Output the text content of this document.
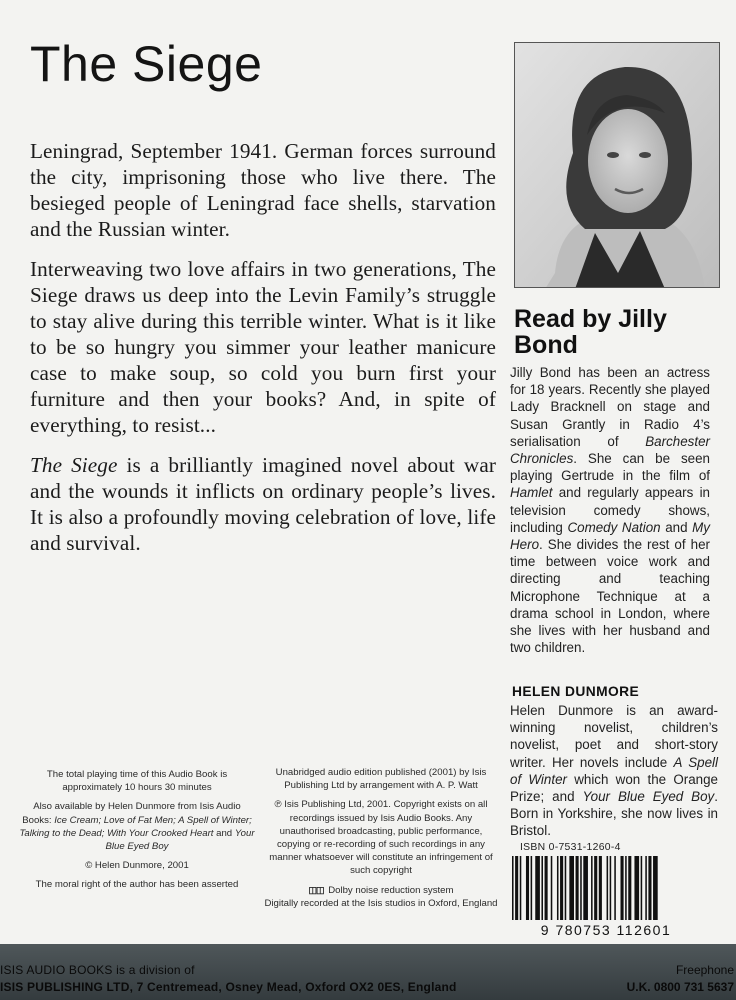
The Siege

Leningrad, September 1941. German forces surround the city, imprisoning those who live there. The besieged people of Leningrad face shells, starvation and the Russian winter.

Interweaving two love affairs in two generations, The Siege draws us deep into the Levin Family’s struggle to stay alive during this terrible winter. What is it like to be so hungry you simmer your leather manicure case to make soup, so cold you burn first your furniture and then your books? And, in spite of everything, to resist...

The Siege is a brilliantly imagined novel about war and the wounds it inflicts on ordinary people’s lives. It is also a profoundly moving celebration of love, life and survival.

Read by Jilly Bond

Jilly Bond has been an actress for 18 years. Recently she played Lady Bracknell on stage and Susan Grantly in Radio 4’s serialisation of Barchester Chronicles. She can be seen playing Gertrude in the film of Hamlet and regularly appears in television comedy shows, including Comedy Nation and My Hero. She divides the rest of her time between voice work and directing and teaching Microphone Technique at a drama school in London, where she lives with her husband and two children.

HELEN DUNMORE

Helen Dunmore is an award-winning novelist, children’s novelist, poet and short-story writer. Her novels include A Spell of Winter which won the Orange Prize; and Your Blue Eyed Boy. Born in Yorkshire, she now lives in Bristol.

The total playing time of this Audio Book is approximately 10 hours 30 minutes

Also available by Helen Dunmore from Isis Audio Books: Ice Cream; Love of Fat Men; A Spell of Winter; Talking to the Dead; With Your Crooked Heart and Your Blue Eyed Boy

© Helen Dunmore, 2001

The moral right of the author has been asserted

Unabridged audio edition published (2001) by Isis Publishing Ltd by arrangement with A. P. Watt

℗ Isis Publishing Ltd, 2001. Copyright exists on all recordings issued by Isis Audio Books. Any unauthorised broadcasting, public performance, copying or re-recording of such recordings in any manner whatsoever will constitute an infringement of such copyright

◫◫ Dolby noise reduction system

Digitally recorded at the Isis studios in Oxford, England

ISBN 0-7531-1260-4
9 780753 112601
ISIS AUDIO BOOKS is a division of
ISIS PUBLISHING LTD, 7 Centremead, Osney Mead, Oxford OX2 0ES, England
Freephone
U.K. 0800 731 5637
